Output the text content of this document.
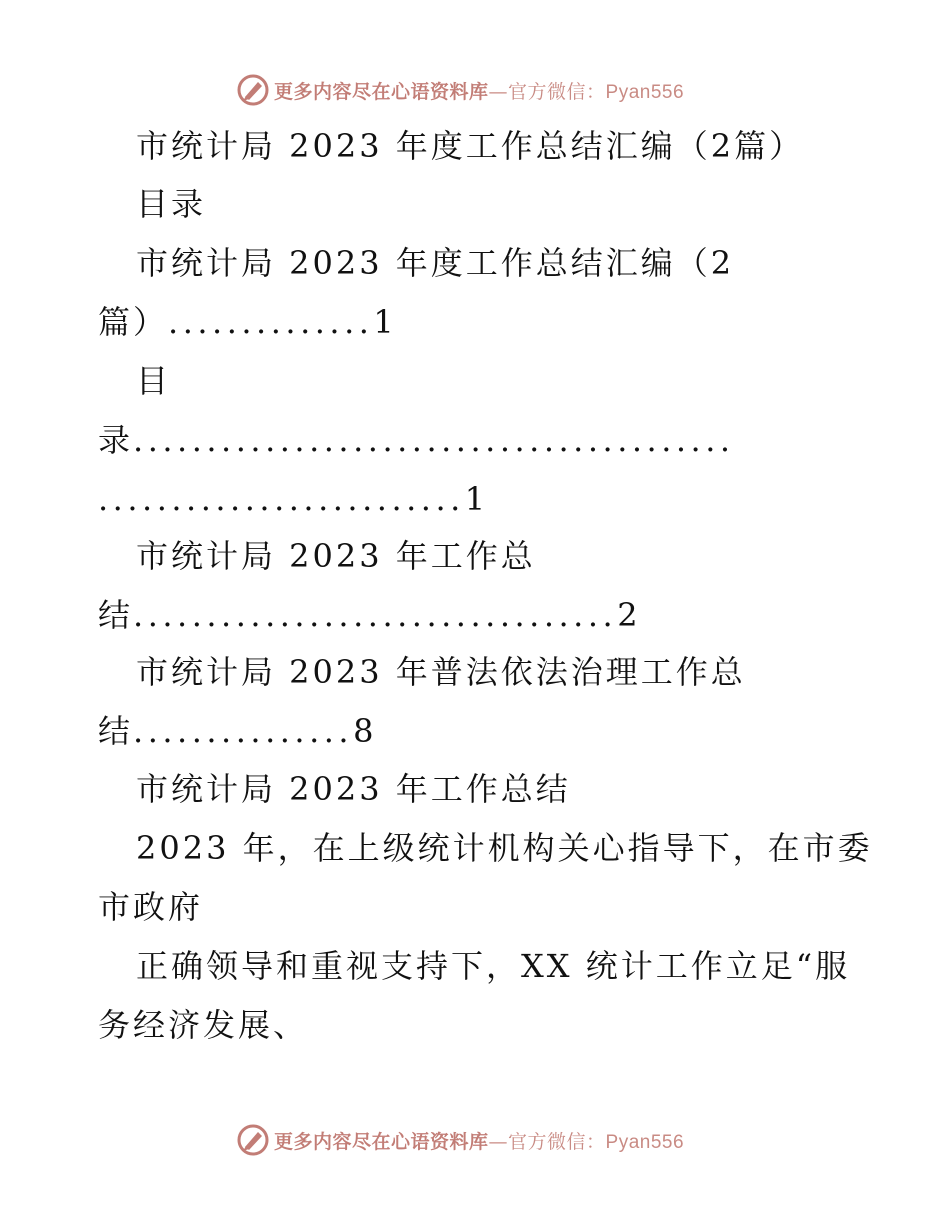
更多内容尽在心语资料库—官方微信：Pyan556
市统计局 2023 年度工作总结汇编（2篇）
目录
市统计局 2023 年度工作总结汇编（2
篇）..............1
目
录.........................................
.........................1
市统计局 2023 年工作总
结.................................2
市统计局 2023 年普法依法治理工作总
结...............8
市统计局 2023 年工作总结
2023 年，在上级统计机构关心指导下，在市委
市政府
正确领导和重视支持下，XX 统计工作立足“服
务经济发展、
更多内容尽在心语资料库—官方微信：Pyan556
